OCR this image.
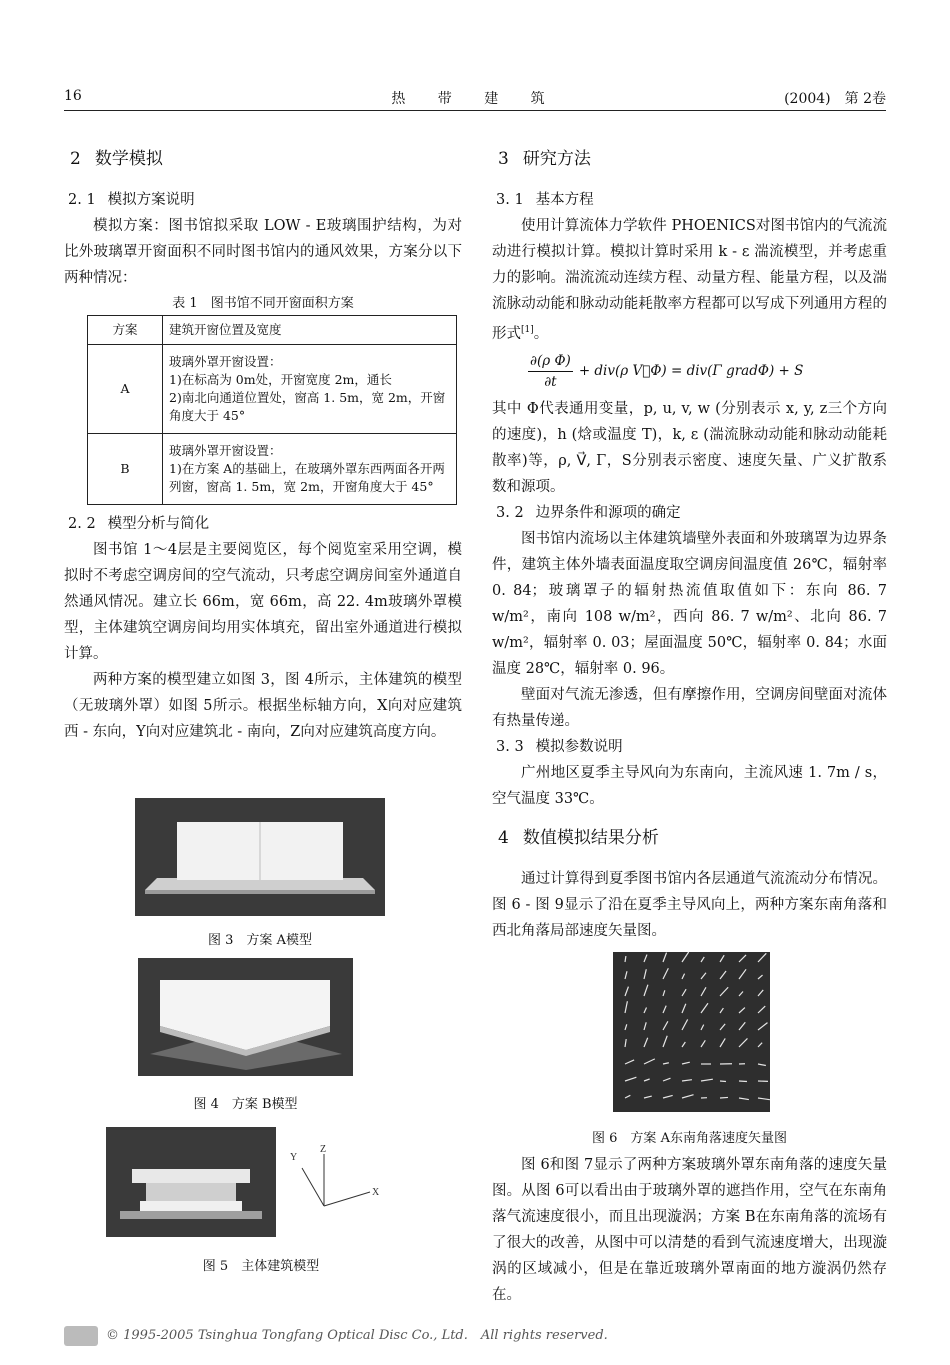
16	热 带 建 筑	(2004)　第 2卷
2 数学模拟
2. 1 模拟方案说明

模拟方案：图书馆拟采取 LOW - E玻璃围护结构，为对比外玻璃罩开窗面积不同时图书馆内的通风效果，方案分以下两种情况：

表 1　图书馆不同开窗面积方案
方案	建筑开窗位置及宽度
A	玻璃外罩开窗设置：
1)在标高为 0m处，开窗宽度 2m，通长
2)南北向通道位置处，窗高 1. 5m，宽 2m，开窗角度大于 45°

B	玻璃外罩开窗设置：
1)在方案 A的基础上，在玻璃外罩东西两面各开两列窗，窗高 1. 5m，宽 2m，开窗角度大于 45°
2. 2 模型分析与简化

图书馆 1～4层是主要阅览区，每个阅览室采用空调，模拟时不考虑空调房间的空气流动，只考虑空调房间室外通道自然通风情况。建立长 66m，宽 66m，高 22. 4m玻璃外罩模型，主体建筑空调房间均用实体填充，留出室外通道进行模拟计算。

两种方案的模型建立如图 3，图 4所示，主体建筑的模型（无玻璃外罩）如图 5所示。根据坐标轴方向，X向对应建筑西 - 东向，Y向对应建筑北 - 南向，Z向对应建筑高度方向。

图 3　方案 A模型
图 4　方案 B模型
Z
X
Y
图 5　主体建筑模型
3 研究方法
3. 1 基本方程

使用计算流体力学软件 PHOENICS对图书馆内的气流流动进行模拟计算。模拟计算时采用 k - ε 湍流模型，并考虑重力的影响。湍流流动连续方程、动量方程、能量方程，以及湍流脉动动能和脉动动能耗散率方程都可以写成下列通用方程的形式[1]。

$\frac{\text{∂(ρ Φ)}}{\partial t} + div(\rho$ V⃗Φ) = div(Γ gradΦ) + S

其中 Φ代表通用变量，p, u, v, w (分别表示 x, y, z三个方向的速度)，h (焓或温度 T)，k, ε (湍流脉动动能和脉动动能耗散率)等，ρ, V⃗, Γ，S分别表示密度、速度矢量、广义扩散系数和源项。

3. 2 边界条件和源项的确定

图书馆内流场以主体建筑墙壁外表面和外玻璃罩为边界条件，建筑主体外墙表面温度取空调房间温度值 26℃，辐射率 0. 84；玻璃罩子的辐射热流值取值如下：东向 86. 7 w/m²，南向 108 w/m²，西向 86. 7 w/m²、北向 86. 7 w/m²，辐射率 0. 03；屋面温度 50℃，辐射率 0. 84；水面温度 28℃，辐射率 0. 96。

壁面对气流无渗透，但有摩擦作用，空调房间壁面对流体有热量传递。

3. 3 模拟参数说明

广州地区夏季主导风向为东南向，主流风速 1. 7m / s，空气温度 33℃。

4 数值模拟结果分析

通过计算得到夏季图书馆内各层通道气流流动分布情况。图 6 - 图 9显示了沿在夏季主导风向上，两种方案东南角落和西北角落局部速度矢量图。

图 6　方案 A东南角落速度矢量图

图 6和图 7显示了两种方案玻璃外罩东南角落的速度矢量图。从图 6可以看出由于玻璃外罩的遮挡作用，空气在东南角落气流速度很小，而且出现漩涡；方案 B在东南角落的流场有了很大的改善，从图中可以清楚的看到气流速度增大，出现漩涡的区域减小，但是在靠近玻璃外罩南面的地方漩涡仍然存在。

© 1995-2005 Tsinghua Tongfang Optical Disc Co., Ltd.　All rights reserved.
